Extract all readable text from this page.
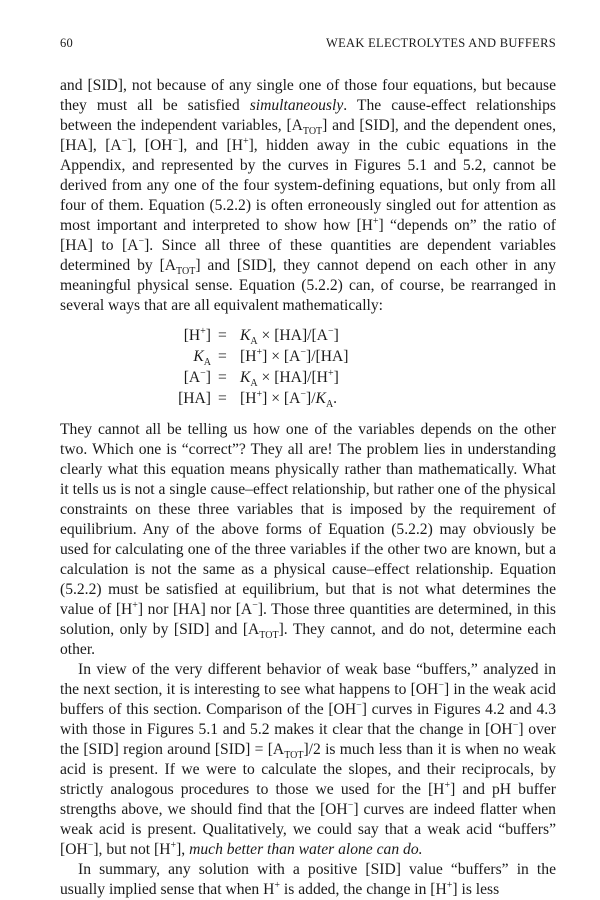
60	WEAK ELECTROLYTES AND BUFFERS

and [SID], not because of any single one of those four equations, but because they must all be satisfied simultaneously. The cause-effect relationships between the independent variables, $[A_{TOT}]$ and [SID], and the dependent ones, [HA], [A−], [OH−], and [H+], hidden away in the cubic equations in the Appendix, and represented by the curves in Figures 5.1 and 5.2, cannot be derived from any one of the four system-defining equations, but only from all four of them. Equation (5.2.2) is often erroneously singled out for attention as most important and interpreted to show how [H+] “depends on” the ratio of [HA] to [A−]. Since all three of these quantities are dependent variables determined by $[A_{TOT}]$ and [SID], they cannot depend on each other in any meaningful physical sense. Equation (5.2.2) can, of course, be rearranged in several ways that are all equivalent mathematically:

$[H^+] = K_A \times [HA]/[A^-]$
$K_A = [H^+] \times [A^-]/[HA]$
$[A^-] = K_A \times [HA]/[H^+]$
$[HA] = [H^+] \times [A^-]/K_A$.

They cannot all be telling us how one of the variables depends on the other two. Which one is “correct”? They all are! The problem lies in understanding clearly what this equation means physically rather than mathematically. What it tells us is not a single cause–effect relationship, but rather one of the physical constraints on these three variables that is imposed by the requirement of equilibrium. Any of the above forms of Equation (5.2.2) may obviously be used for calculating one of the three variables if the other two are known, but a calculation is not the same as a physical cause–effect relationship. Equation (5.2.2) must be satisfied at equilibrium, but that is not what determines the value of [H+] nor [HA] nor [A−]. Those three quantities are determined, in this solution, only by [SID] and $[A_{TOT}]$. They cannot, and do not, determine each other.

In view of the very different behavior of weak base “buffers,” analyzed in the next section, it is interesting to see what happens to [OH−] in the weak acid buffers of this section. Comparison of the [OH−] curves in Figures 4.2 and 4.3 with those in Figures 5.1 and 5.2 makes it clear that the change in [OH−] over the [SID] region around $[SID] = [A_{TOT}]/2$ is much less than it is when no weak acid is present. If we were to calculate the slopes, and their reciprocals, by strictly analogous procedures to those we used for the [H+] and pH buffer strengths above, we should find that the [OH−] curves are indeed flatter when weak acid is present. Qualitatively, we could say that a weak acid “buffers” [OH−], but not [H+], much better than water alone can do.

In summary, any solution with a positive [SID] value “buffers” in the usually implied sense that when H+ is added, the change in [H+] is less
